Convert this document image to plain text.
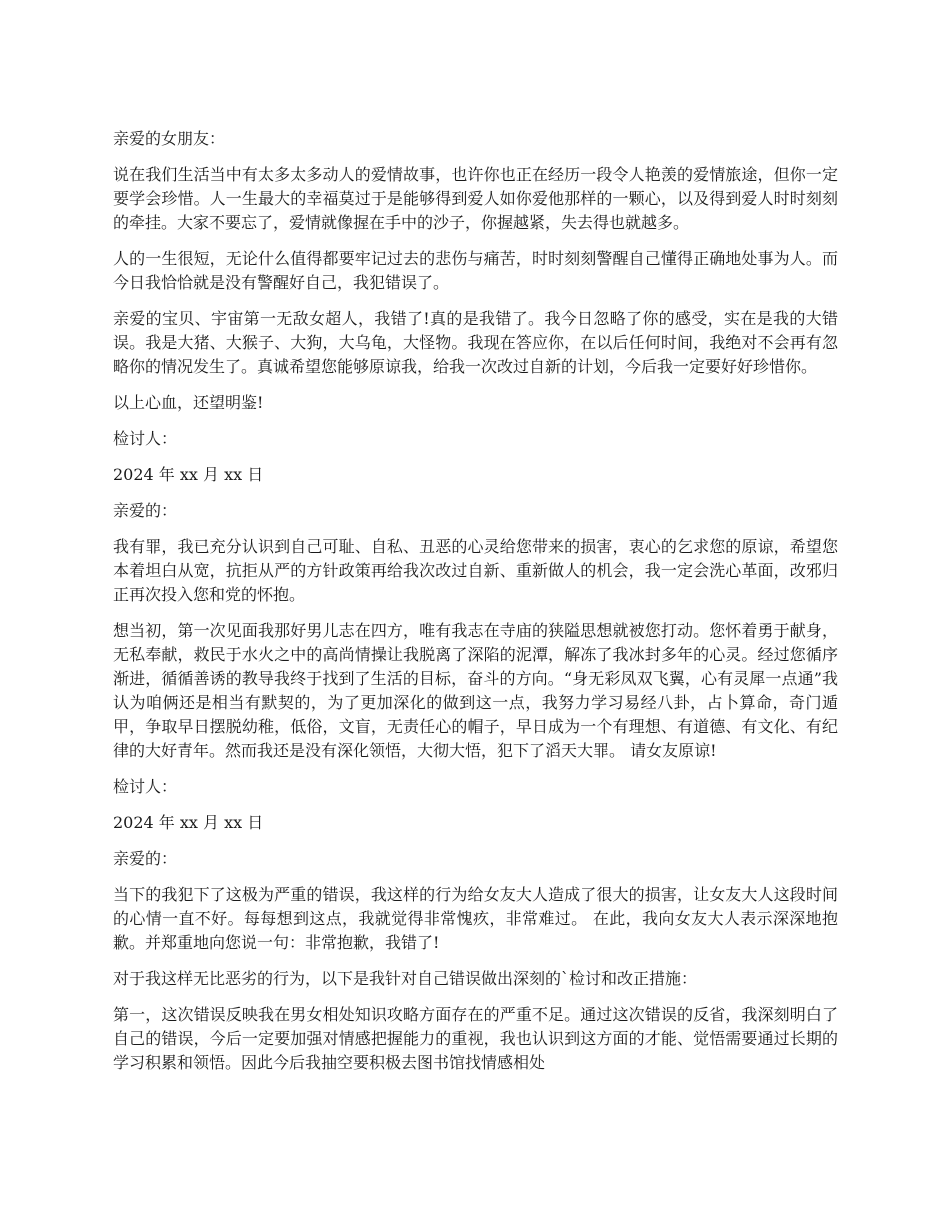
亲爱的女朋友：

说在我们生活当中有太多太多动人的爱情故事，也许你也正在经历一段令人艳羡的爱情旅途，但你一定要学会珍惜。人一生最大的幸福莫过于是能够得到爱人如你爱他那样的一颗心，以及得到爱人时时刻刻的牵挂。大家不要忘了，爱情就像握在手中的沙子，你握越紧，失去得也就越多。

人的一生很短，无论什么值得都要牢记过去的悲伤与痛苦，时时刻刻警醒自己懂得正确地处事为人。而今日我恰恰就是没有警醒好自己，我犯错误了。

亲爱的宝贝、宇宙第一无敌女超人，我错了!真的是我错了。我今日忽略了你的感受，实在是我的大错误。我是大猪、大猴子、大狗，大乌龟，大怪物。我现在答应你，在以后任何时间，我绝对不会再有忽略你的情况发生了。真诚希望您能够原谅我，给我一次改过自新的计划，今后我一定要好好珍惜你。

以上心血，还望明鉴!

检讨人：

2024 年 xx 月 xx 日

亲爱的：

我有罪，我已充分认识到自己可耻、自私、丑恶的心灵给您带来的损害，衷心的乞求您的原谅，希望您本着坦白从宽，抗拒从严的方针政策再给我次改过自新、重新做人的机会，我一定会洗心革面，改邪归正再次投入您和党的怀抱。

想当初，第一次见面我那好男儿志在四方，唯有我志在寺庙的狭隘思想就被您打动。您怀着勇于献身，无私奉献，救民于水火之中的高尚情操让我脱离了深陷的泥潭，解冻了我冰封多年的心灵。经过您循序渐进，循循善诱的教导我终于找到了生活的目标，奋斗的方向。“身无彩凤双飞翼，心有灵犀一点通”我认为咱俩还是相当有默契的，为了更加深化的做到这一点，我努力学习易经八卦，占卜算命，奇门遁甲，争取早日摆脱幼稚，低俗，文盲，无责任心的帽子，早日成为一个有理想、有道德、有文化、有纪律的大好青年。然而我还是没有深化领悟，大彻大悟，犯下了滔天大罪。 请女友原谅!

检讨人：

2024 年 xx 月 xx 日

亲爱的：

当下的我犯下了这极为严重的错误，我这样的行为给女友大人造成了很大的损害，让女友大人这段时间的心情一直不好。每每想到这点，我就觉得非常愧疚，非常难过。 在此，我向女友大人表示深深地抱歉。并郑重地向您说一句：非常抱歉，我错了!

对于我这样无比恶劣的行为，以下是我针对自己错误做出深刻的`检讨和改正措施：

第一，这次错误反映我在男女相处知识攻略方面存在的严重不足。通过这次错误的反省，我深刻明白了自己的错误，今后一定要加强对情感把握能力的重视，我也认识到这方面的才能、觉悟需要通过长期的学习积累和领悟。因此今后我抽空要积极去图书馆找情感相处
